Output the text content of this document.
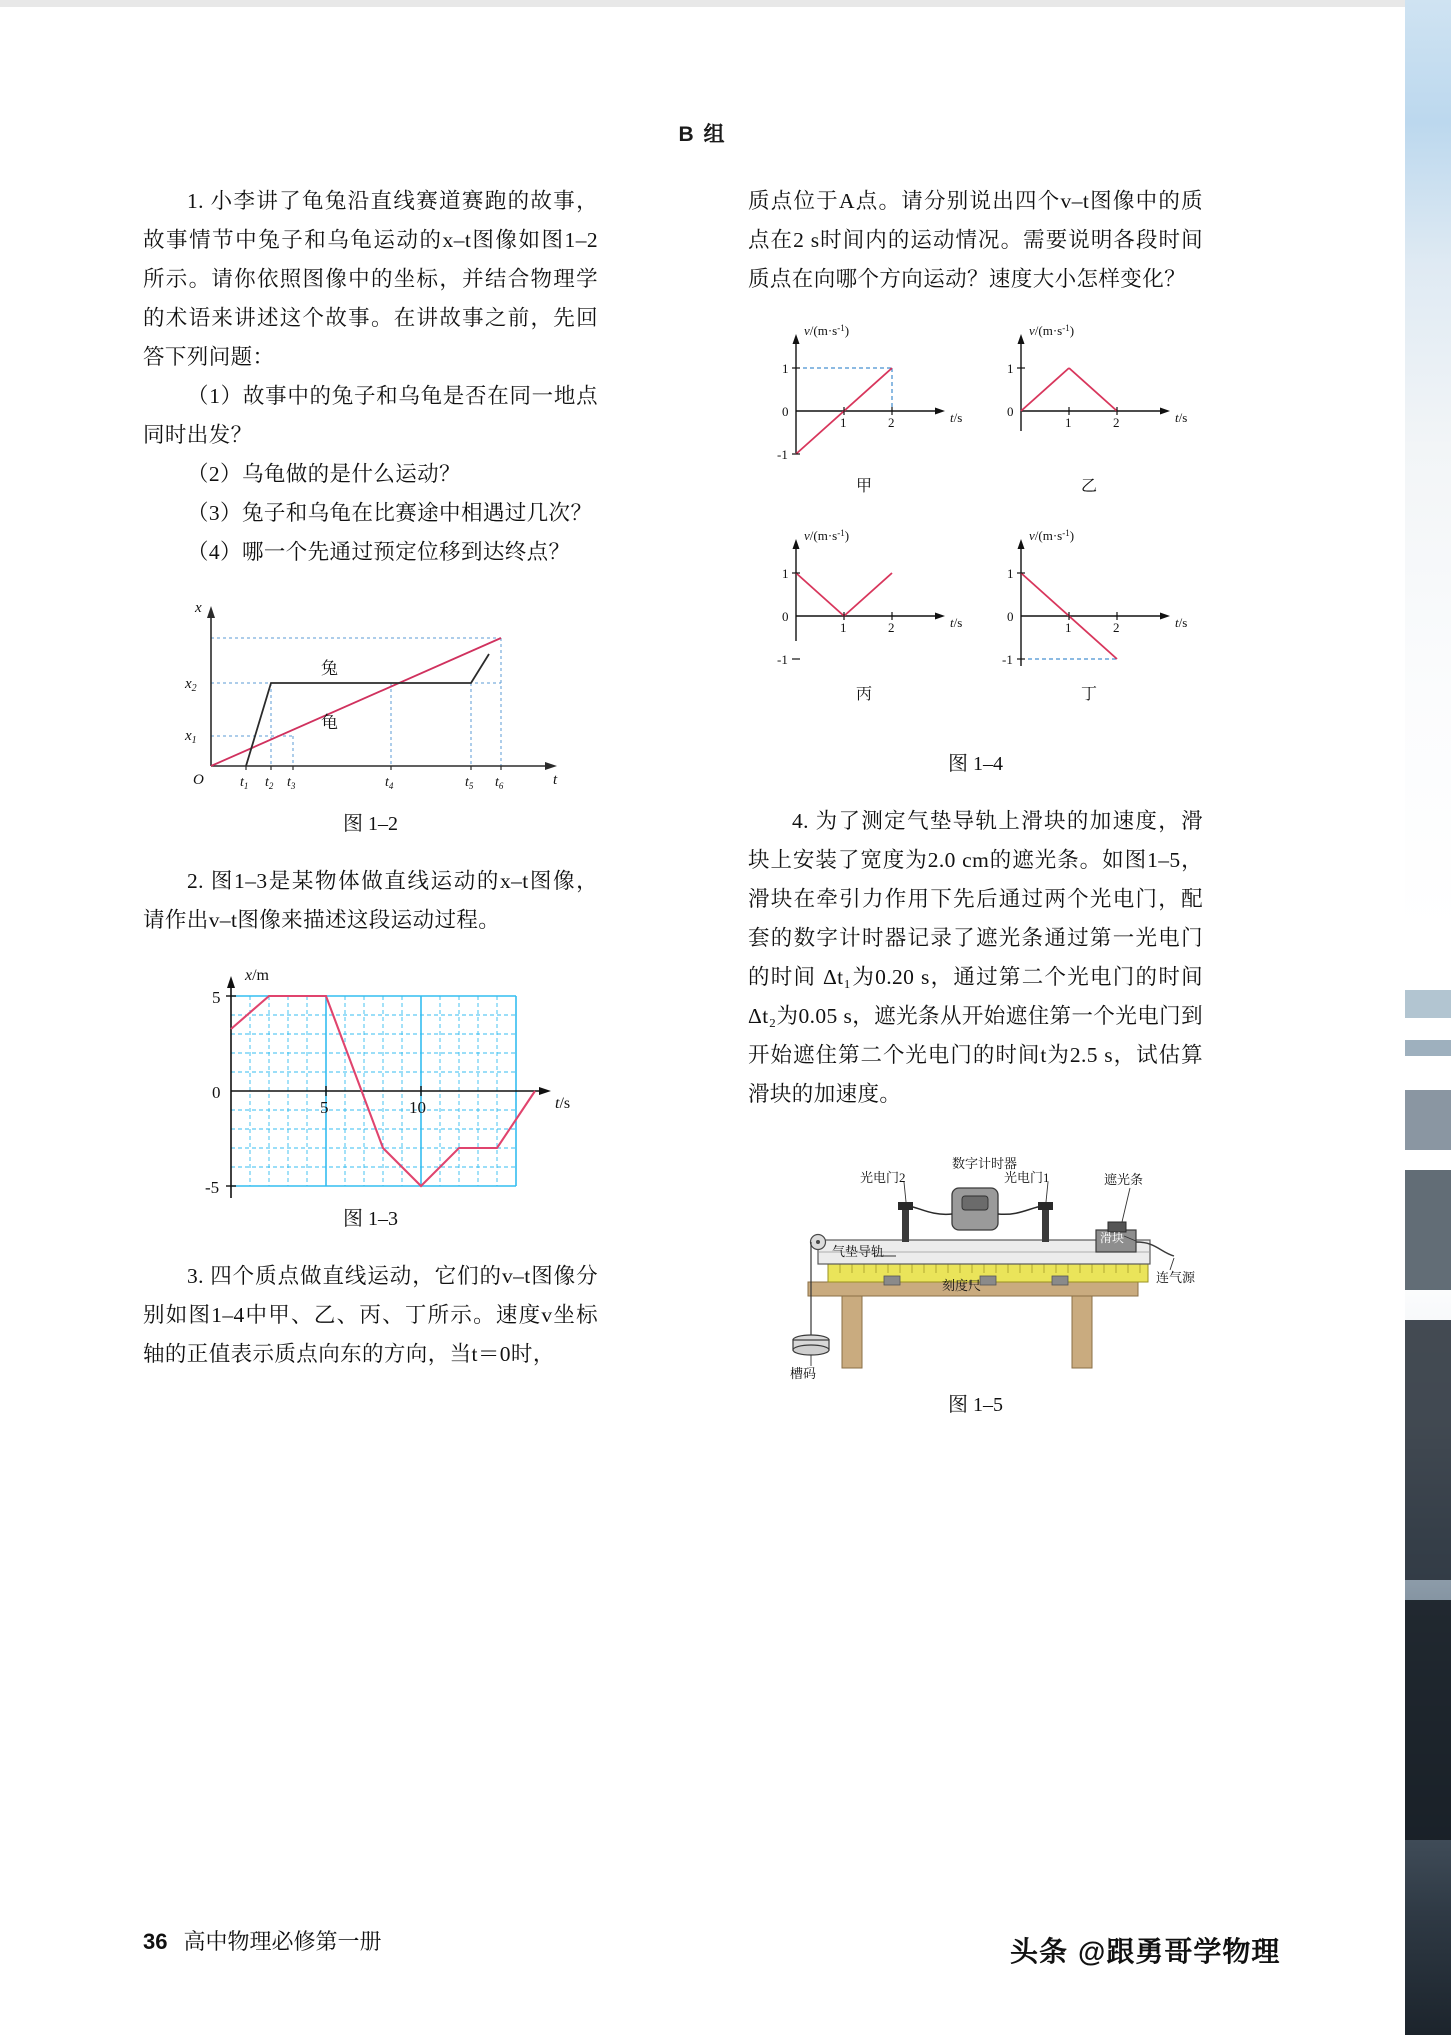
B 组

1. 小李讲了龟兔沿直线赛道赛跑的故事，故事情节中兔子和乌龟运动的x–t图像如图1–2所示。请你依照图像中的坐标，并结合物理学的术语来讲述这个故事。在讲故事之前，先回答下列问题：

（1）故事中的兔子和乌龟是否在同一地点同时出发？

（2）乌龟做的是什么运动？

（3）兔子和乌龟在比赛途中相遇过几次？

（4）哪一个先通过预定位移到达终点？

x
t
O
$x_1$
$x_2$
$t_1$ $t_2$ $t_3$	$t_4$	$t_5$ $t_6$
兔
龟
图 1–2

2. 图1–3是某物体做直线运动的x–t图像，请作出v–t图像来描述这段运动过程。

x/m
t/s
5
0
-5
5	10
图 1–3

3. 四个质点做直线运动，它们的v–t图像分别如图1–4中甲、乙、丙、丁所示。速度v坐标轴的正值表示质点向东的方向，当t＝0时，

质点位于A点。请分别说出四个v–t图像中的质点在2 s时间内的运动情况。需要说明各段时间质点在向哪个方向运动？速度大小怎样变化？

$v/(m\cdot s^{-1})$
t/s
1
0
-1
1	2
甲
$v/(m\cdot s^{-1})$
t/s
1
0
1	2
乙
$v/(m\cdot s^{-1})$
t/s
1
0
-1
1	2
丙
$v/(m\cdot s^{-1})$
t/s
1
0
-1
1	2
丁
图 1–4

4. 为了测定气垫导轨上滑块的加速度，滑块上安装了宽度为2.0 cm的遮光条。如图1–5，滑块在牵引力作用下先后通过两个光电门，配套的数字计时器记录了遮光条通过第一光电门的时间 Δt₁为0.20 s，通过第二个光电门的时间 Δt₂为0.05 s，遮光条从开始遮住第一个光电门到开始遮住第二个光电门的时间t为2.5 s，试估算滑块的加速度。

数字计时器
光电门2	光电门1	遮光条
滑块
气垫导轨
刻度尺
连气源
槽码
图 1–5
36 高中物理必修第一册	头条 @跟勇哥学物理
